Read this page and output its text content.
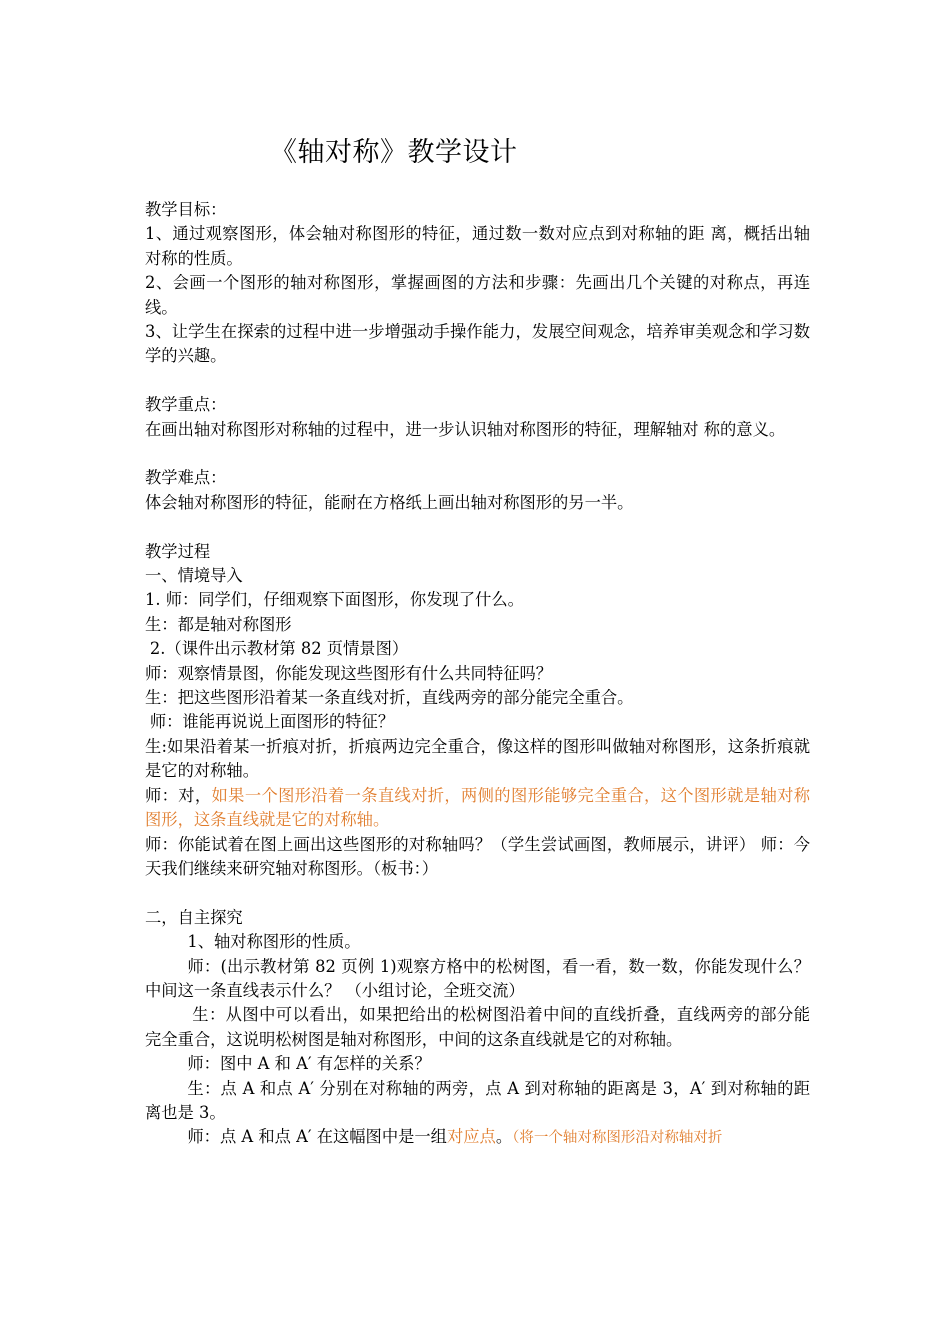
《轴对称》教学设计

教学目标：

1、通过观察图形，体会轴对称图形的特征，通过数一数对应点到对称轴的距 离，概括出轴对称的性质。

2、会画一个图形的轴对称图形，掌握画图的方法和步骤：先画出几个关键的对称点，再连线。

3、让学生在探索的过程中进一步增强动手操作能力，发展空间观念，培养审美观念和学习数学的兴趣。

教学重点：

在画出轴对称图形对称轴的过程中，进一步认识轴对称图形的特征，理解轴对 称的意义。

教学难点：

体会轴对称图形的特征，能耐在方格纸上画出轴对称图形的另一半。

教学过程

一、情境导入

1. 师：同学们，仔细观察下面图形，你发现了什么。

生：都是轴对称图形

2.（课件出示教材第 82 页情景图）

师：观察情景图，你能发现这些图形有什么共同特征吗？

生：把这些图形沿着某一条直线对折，直线两旁的部分能完全重合。

师：谁能再说说上面图形的特征？

生:如果沿着某一折痕对折，折痕两边完全重合，像这样的图形叫做轴对称图形，这条折痕就是它的对称轴。

师：对，如果一个图形沿着一条直线对折，两侧的图形能够完全重合，这个图形就是轴对称图形，这条直线就是它的对称轴。

师：你能试着在图上画出这些图形的对称轴吗？（学生尝试画图，教师展示，讲评） 师：今天我们继续来研究轴对称图形。（板书：）

二，自主探究

1、轴对称图形的性质。

师：(出示教材第 82 页例 1)观察方格中的松树图，看一看，数一数，你能发现什么？ 中间这一条直线表示什么？ （小组讨论，全班交流）

生：从图中可以看出，如果把给出的松树图沿着中间的直线折叠，直线两旁的部分能完全重合，这说明松树图是轴对称图形，中间的这条直线就是它的对称轴。

师：图中 A 和 A′ 有怎样的关系？

生：点 A 和点 A′ 分别在对称轴的两旁，点 A 到对称轴的距离是 3，A′ 到对称轴的距离也是 3。

师：点 A 和点 A′ 在这幅图中是一组对应点。（将一个轴对称图形沿对称轴对折
